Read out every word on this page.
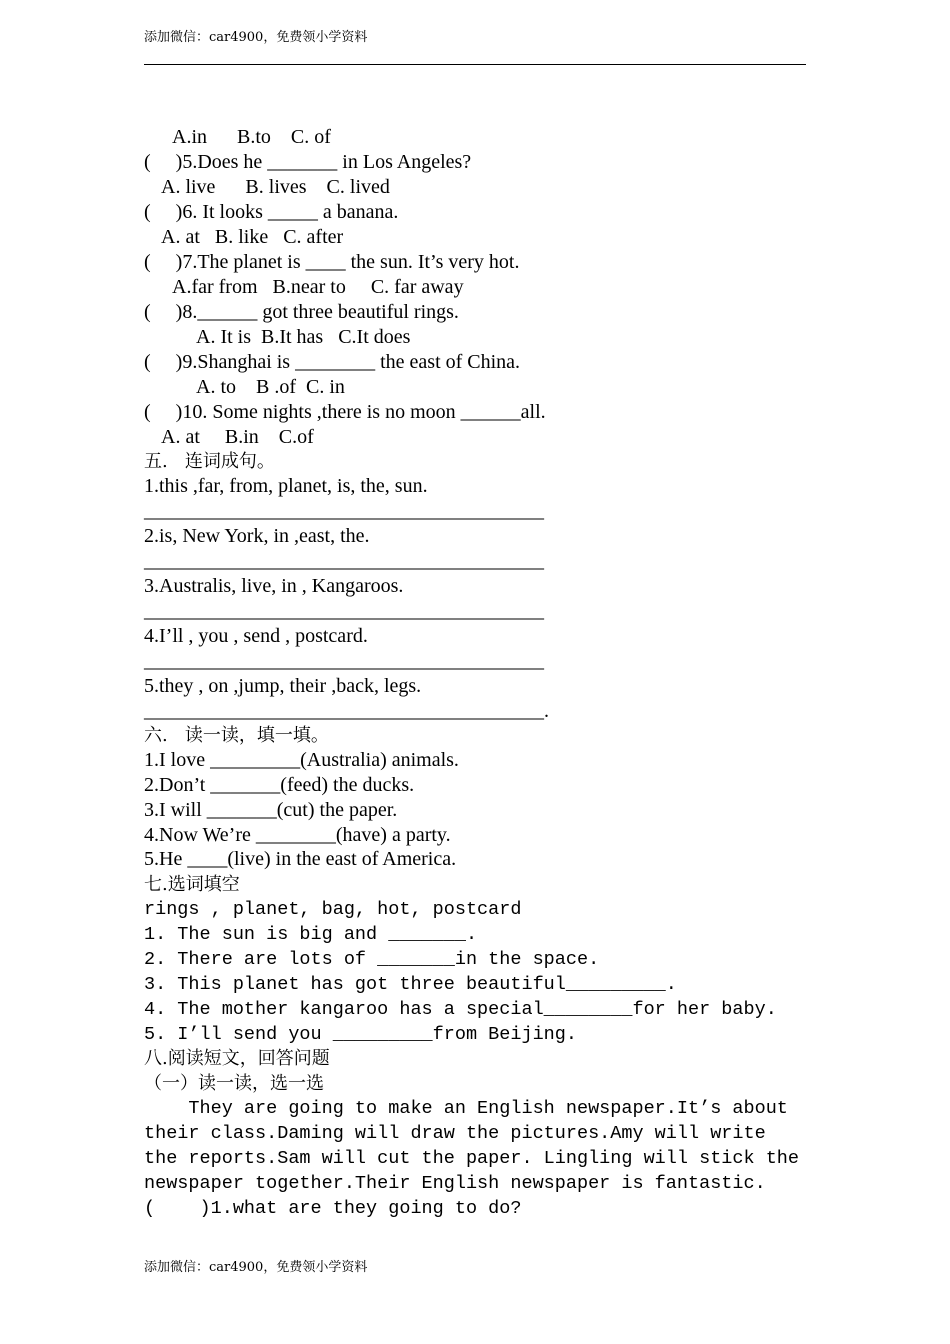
添加微信：car4900，免费领小学资料
A.in      B.to    C. of
(     )5.Does he _______ in Los Angeles?
A. live      B. lives    C. lived
(     )6. It looks _____ a banana.
A. at   B. like   C. after
(     )7.The planet is ____ the sun. It’s very hot.
A.far from   B.near to     C. far away
(     )8.______ got three beautiful rings.
A. It is  B.It has   C.It does
(     )9.Shanghai is ________ the east of China.
A. to    B .of  C. in
(     )10. Some nights ,there is no moon ______all.
A. at     B.in    C.of
五.   连词成句。
1.this ,far, from, planet, is, the, sun.
________________________________________
2.is, New York, in ,east, the.
________________________________________
3.Australis, live, in , Kangaroos.
________________________________________
4.I’ll , you , send , postcard.
________________________________________
5.they , on ,jump, their ,back, legs.
________________________________________.
六.   读一读，填一填。
1.I love _________(Australia) animals.
2.Don’t _______(feed) the ducks.
3.I will _______(cut) the paper.
4.Now We’re ________(have) a party.
5.He ____(live) in the east of America.
七.选词填空
rings , planet, bag, hot, postcard
1. The sun is big and _______.
2. There are lots of _______in the space.
3. This planet has got three beautiful_________.
4. The mother kangaroo has a special________for her baby.
5. I’ll send you _________from Beijing.
八.阅读短文，回答问题
（一）读一读，选一选
They are going to make an English newspaper.It’s about
their class.Daming will draw the pictures.Amy will write
the reports.Sam will cut the paper. Lingling will stick the
newspaper together.Their English newspaper is fantastic.
(    )1.what are they going to do?
添加微信：car4900，免费领小学资料
